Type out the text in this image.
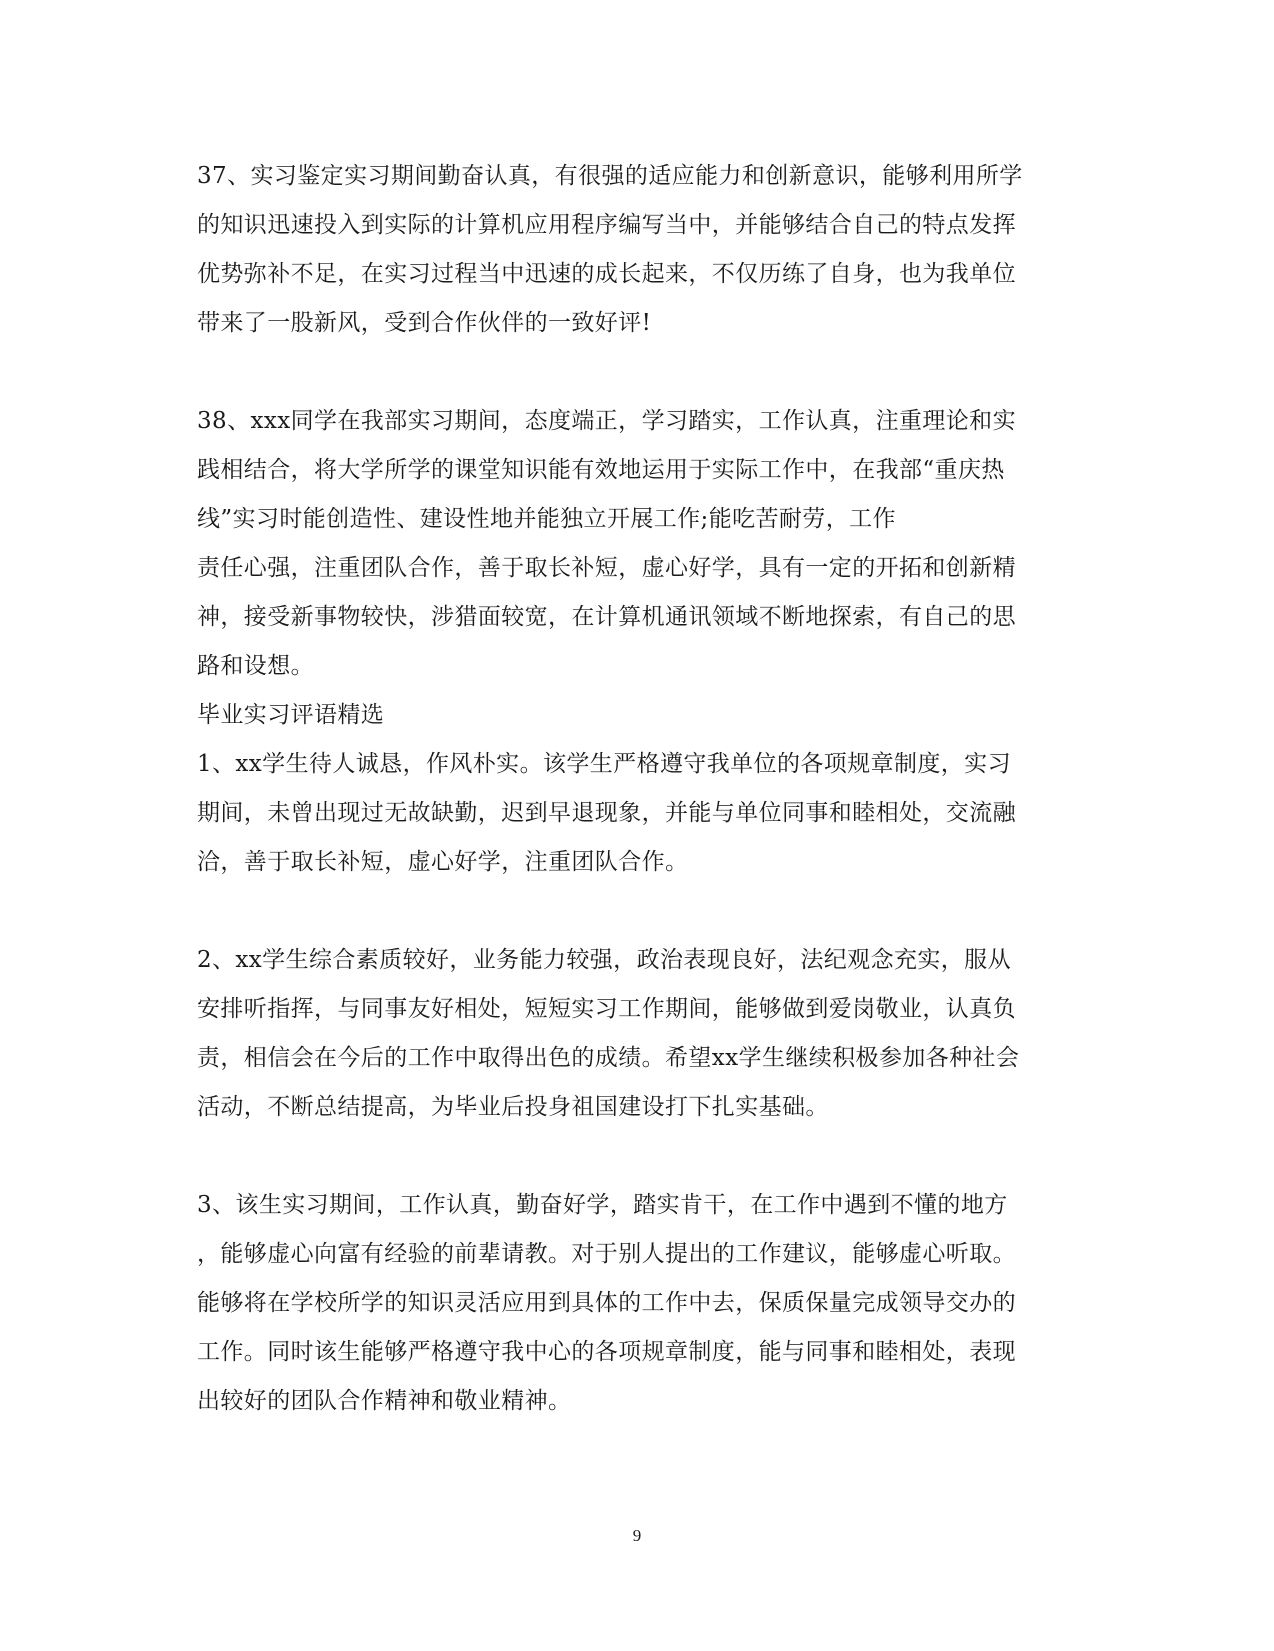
37、实习鉴定实习期间勤奋认真，有很强的适应能力和创新意识，能够利用所学
的知识迅速投入到实际的计算机应用程序编写当中，并能够结合自己的特点发挥
优势弥补不足，在实习过程当中迅速的成长起来，不仅历练了自身，也为我单位
带来了一股新风，受到合作伙伴的一致好评!
38、xxx同学在我部实习期间，态度端正，学习踏实，工作认真，注重理论和实
践相结合，将大学所学的课堂知识能有效地运用于实际工作中，在我部“重庆热
线”实习时能创造性、建设性地并能独立开展工作;能吃苦耐劳，工作
责任心强，注重团队合作，善于取长补短，虚心好学，具有一定的开拓和创新精
神，接受新事物较快，涉猎面较宽，在计算机通讯领域不断地探索，有自己的思
路和设想。
毕业实习评语精选
1、xx学生待人诚恳，作风朴实。该学生严格遵守我单位的各项规章制度，实习
期间，未曾出现过无故缺勤，迟到早退现象，并能与单位同事和睦相处，交流融
洽，善于取长补短，虚心好学，注重团队合作。
2、xx学生综合素质较好，业务能力较强，政治表现良好，法纪观念充实，服从
安排听指挥，与同事友好相处，短短实习工作期间，能够做到爱岗敬业，认真负
责，相信会在今后的工作中取得出色的成绩。希望xx学生继续积极参加各种社会
活动，不断总结提高，为毕业后投身祖国建设打下扎实基础。
3、该生实习期间，工作认真，勤奋好学，踏实肯干，在工作中遇到不懂的地方
，能够虚心向富有经验的前辈请教。对于别人提出的工作建议，能够虚心听取。
能够将在学校所学的知识灵活应用到具体的工作中去，保质保量完成领导交办的
工作。同时该生能够严格遵守我中心的各项规章制度，能与同事和睦相处，表现
出较好的团队合作精神和敬业精神。
9
